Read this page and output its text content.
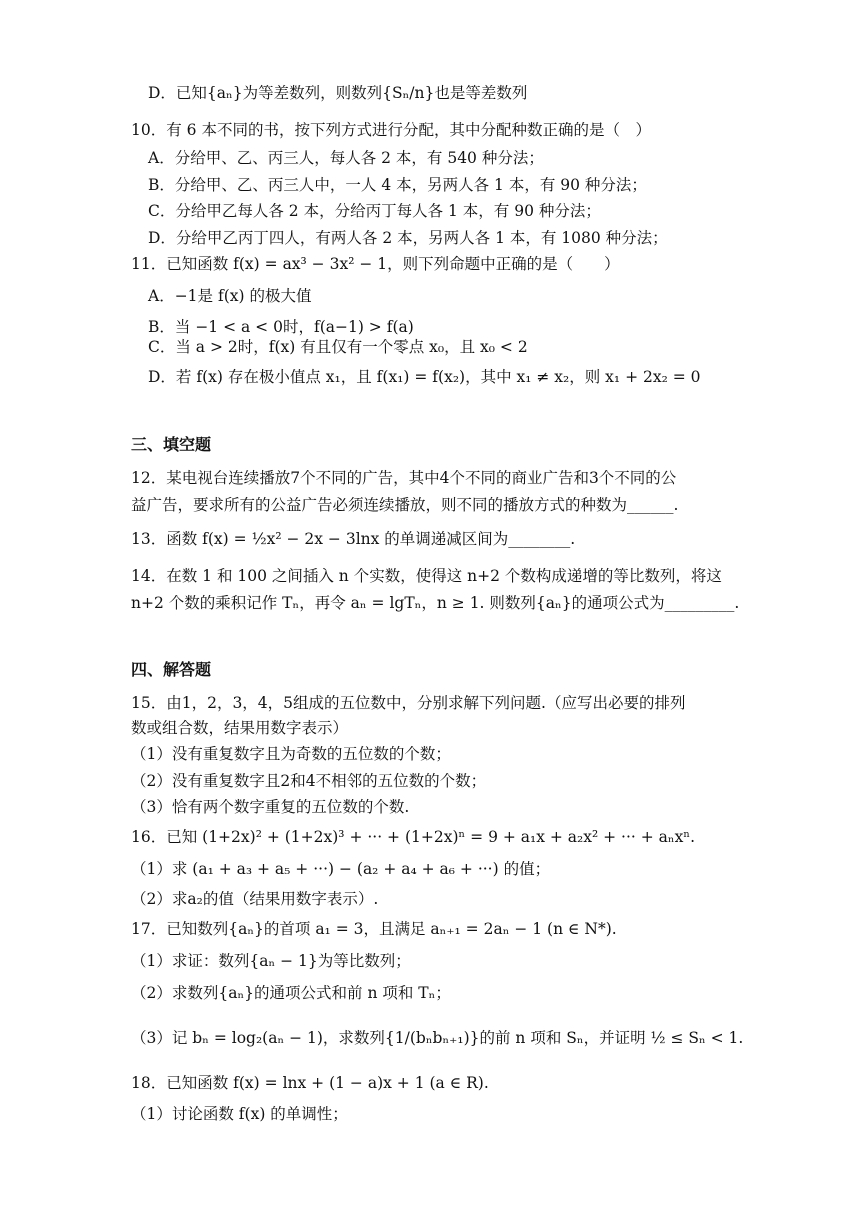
D．已知{aₙ}为等差数列，则数列{Sₙ/n}也是等差数列
10．有 6 本不同的书，按下列方式进行分配，其中分配种数正确的是（　）
A．分给甲、乙、丙三人，每人各 2 本，有 540 种分法；
B．分给甲、乙、丙三人中，一人 4 本，另两人各 1 本，有 90 种分法；
C．分给甲乙每人各 2 本，分给丙丁每人各 1 本，有 90 种分法；
D．分给甲乙丙丁四人，有两人各 2 本，另两人各 1 本，有 1080 种分法；
11．已知函数 f(x) = ax³ − 3x² − 1，则下列命题中正确的是（　　）
A．−1是 f(x) 的极大值
B．当 −1 < a < 0时，f(a−1) > f(a)
C．当 a > 2时，f(x) 有且仅有一个零点 x₀，且 x₀ < 2
D．若 f(x) 存在极小值点 x₁，且 f(x₁) = f(x₂)，其中 x₁ ≠ x₂，则 x₁ + 2x₂ = 0
三、填空题
12．某电视台连续播放7个不同的广告，其中4个不同的商业广告和3个不同的公
益广告，要求所有的公益广告必须连续播放，则不同的播放方式的种数为______.
13．函数 f(x) = ½x² − 2x − 3lnx 的单调递减区间为________.
14．在数 1 和 100 之间插入 n 个实数，使得这 n+2 个数构成递增的等比数列，将这
n+2 个数的乘积记作 Tₙ，再令 aₙ = lgTₙ，n ≥ 1. 则数列{aₙ}的通项公式为_________.
四、解答题
15．由1，2，3，4，5组成的五位数中，分别求解下列问题.（应写出必要的排列
数或组合数，结果用数字表示）
（1）没有重复数字且为奇数的五位数的个数；
（2）没有重复数字且2和4不相邻的五位数的个数；
（3）恰有两个数字重复的五位数的个数.
16．已知 (1+2x)² + (1+2x)³ + ··· + (1+2x)ⁿ = 9 + a₁x + a₂x² + ··· + aₙxⁿ.
（1）求 (a₁ + a₃ + a₅ + ···) − (a₂ + a₄ + a₆ + ···) 的值；
（2）求a₂的值（结果用数字表示）.
17．已知数列{aₙ}的首项 a₁ = 3，且满足 aₙ₊₁ = 2aₙ − 1 (n ∈ N*).
（1）求证：数列{aₙ − 1}为等比数列；
（2）求数列{aₙ}的通项公式和前 n 项和 Tₙ；
（3）记 bₙ = log₂(aₙ − 1)，求数列{1/(bₙbₙ₊₁)}的前 n 项和 Sₙ，并证明 ½ ≤ Sₙ < 1.
18．已知函数 f(x) = lnx + (1 − a)x + 1 (a ∈ R).
（1）讨论函数 f(x) 的单调性；
